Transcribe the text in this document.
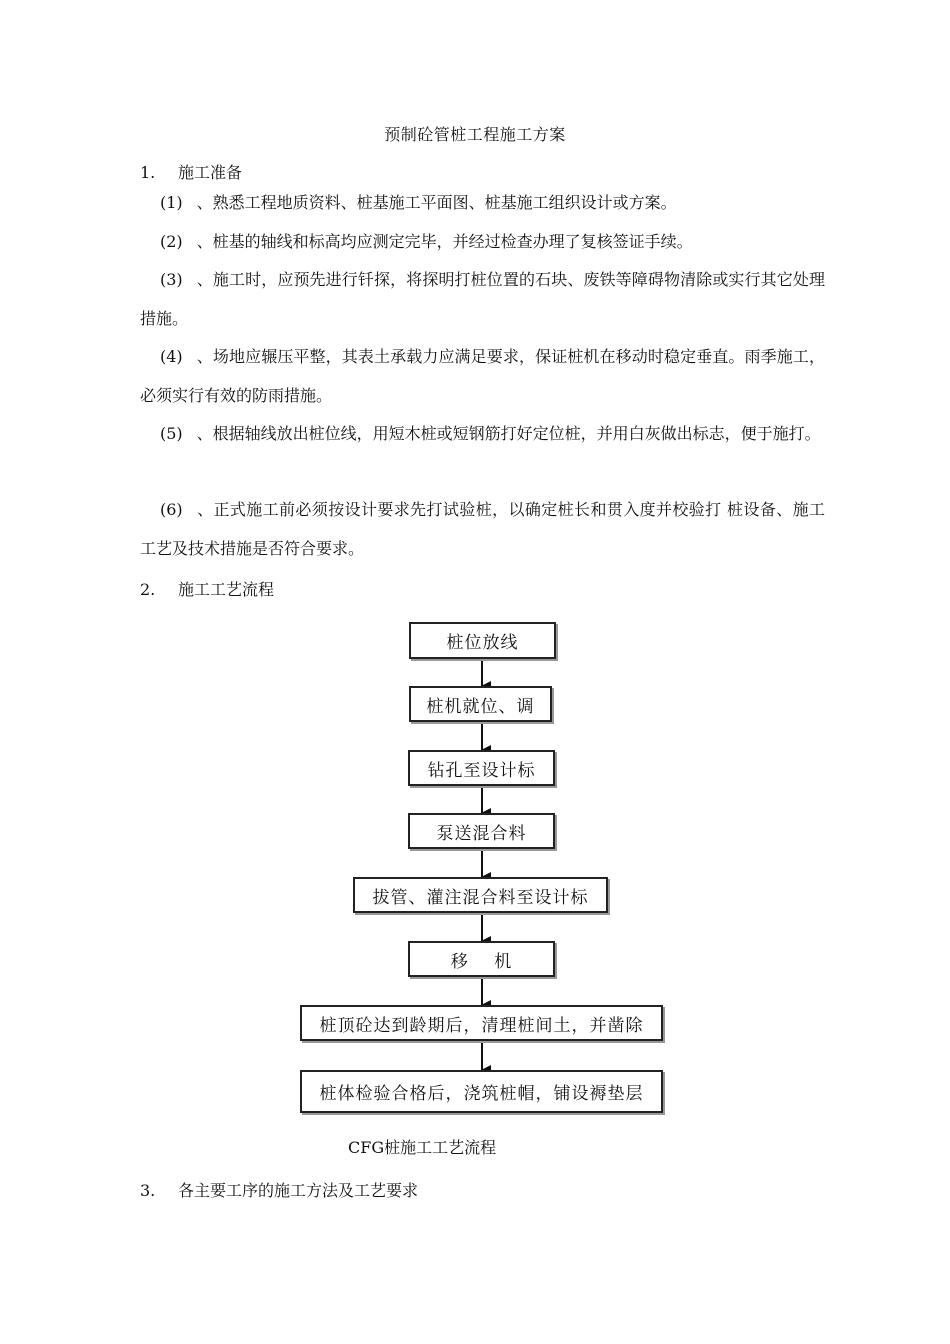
预制砼管桩工程施工方案
1. 施工准备
(1) 、熟悉工程地质资料、桩基施工平面图、桩基施工组织设计或方案。
(2) 、桩基的轴线和标高均应测定完毕，并经过检查办理了复核签证手续。
(3) 、施工时，应预先进行钎探，将探明打桩位置的石块、废铁等障碍物清除或实行其它处理措施。
(4) 、场地应辗压平整，其表土承载力应满足要求，保证桩机在移动时稳定垂直。雨季施工，必须实行有效的防雨措施。
(5) 、根据轴线放出桩位线，用短木桩或短钢筋打好定位桩，并用白灰做出标志，便于施打。
(6) 、正式施工前必须按设计要求先打试验桩，以确定桩长和贯入度并校验打 桩设备、施工工艺及技术措施是否符合要求。
2. 施工工艺流程
桩位放线
桩机就位、调
钻孔至设计标
泵送混合料
拔管、灌注混合料至设计标
移    机
桩顶砼达到龄期后，清理桩间土，并凿除
桩体检验合格后，浇筑桩帽，铺设褥垫层
CFG桩施工工艺流程
3. 各主要工序的施工方法及工艺要求
